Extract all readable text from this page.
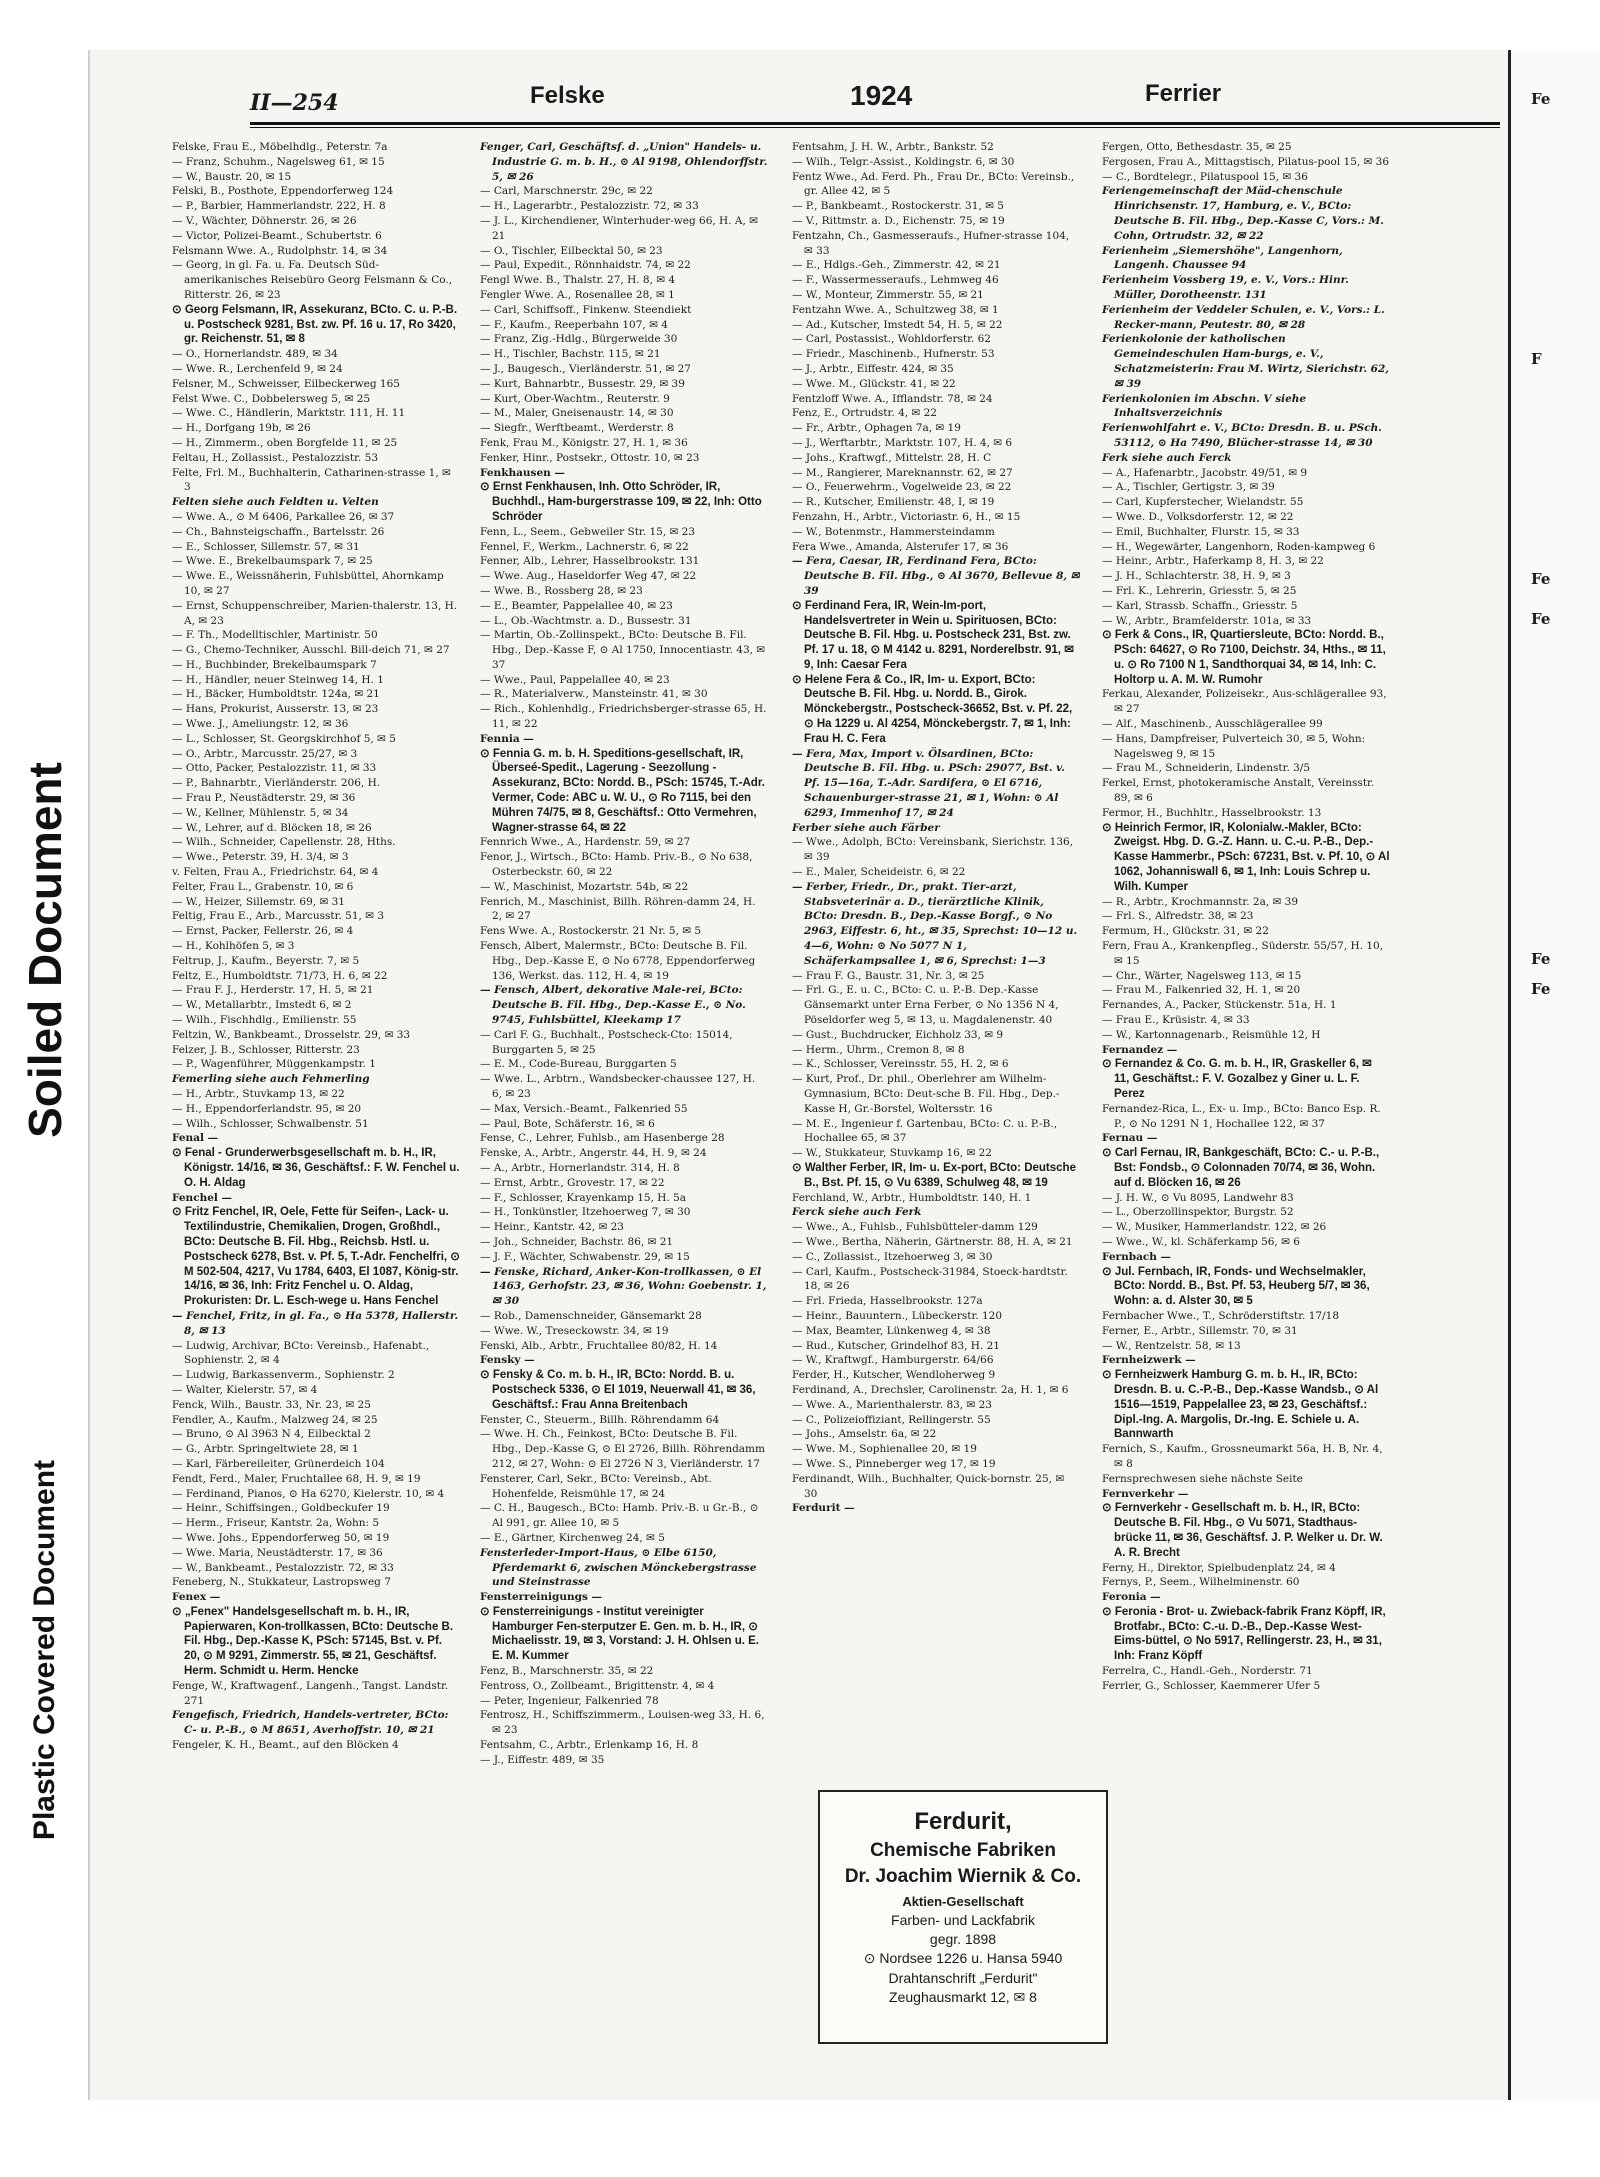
Soiled Document
Plastic Covered Document
II—254	Felske	1924	Ferrier

Felske, Frau E., Möbelhdlg., Peterstr. 7a

— Franz, Schuhm., Nagelsweg 61, ✉ 15

— W., Baustr. 20, ✉ 15

Felski, B., Posthote, Eppendorferweg 124

— P., Barbier, Hammerlandstr. 222, H. 8

— V., Wächter, Döhnerstr. 26, ✉ 26

— Victor, Polizei-Beamt., Schubertstr. 6

Felsmann Wwe. A., Rudolphstr. 14, ✉ 34

— Georg, in gl. Fa. u. Fa. Deutsch Süd-amerikanisches Reisebüro Georg Felsmann & Co., Ritterstr. 26, ✉ 23

⊙ Georg Felsmann, IR, Assekuranz, BCto. C. u. P.-B. u. Postscheck 9281, Bst. zw. Pf. 16 u. 17, Ro 3420, gr. Reichenstr. 51, ✉ 8

— O., Hornerlandstr. 489, ✉ 34

— Wwe. R., Lerchenfeld 9, ✉ 24

Felsner, M., Schweisser, Eilbeckerweg 165

Felst Wwe. C., Dobbelersweg 5, ✉ 25

— Wwe. C., Händlerin, Marktstr. 111, H. 11

— H., Dorfgang 19b, ✉ 26

— H., Zimmerm., oben Borgfelde 11, ✉ 25

Feltau, H., Zollassist., Pestalozzistr. 53

Felte, Frl. M., Buchhalterin, Catharinen-strasse 1, ✉ 3

Felten siehe auch Feldten u. Velten

— Wwe. A., ⊙ M 6406, Parkallee 26, ✉ 37

— Ch., Bahnsteigschaffn., Bartelsstr. 26

— E., Schlosser, Sillemstr. 57, ✉ 31

— Wwe. E., Brekelbaumspark 7, ✉ 25

— Wwe. E., Weissnäherin, Fuhlsbüttel, Ahornkamp 10, ✉ 27

— Ernst, Schuppenschreiber, Marien-thalerstr. 13, H. A, ✉ 23

— F. Th., Modelltischler, Martinistr. 50

— G., Chemo-Techniker, Ausschl. Bill-deich 71, ✉ 27

— H., Buchbinder, Brekelbaumspark 7

— H., Händler, neuer Steinweg 14, H. 1

— H., Bäcker, Humboldtstr. 124a, ✉ 21

— Hans, Prokurist, Ausserstr. 13, ✉ 23

— Wwe. J., Ameliungstr. 12, ✉ 36

— L., Schlosser, St. Georgskirchhof 5, ✉ 5

— O., Arbtr., Marcusstr. 25/27, ✉ 3

— Otto, Packer, Pestalozzistr. 11, ✉ 33

— P., Bahnarbtr., Vierländerstr. 206, H.

— Frau P., Neustädterstr. 29, ✉ 36

— W., Kellner, Mühlenstr. 5, ✉ 34

— W., Lehrer, auf d. Blöcken 18, ✉ 26

— Wilh., Schneider, Capellenstr. 28, Hths.

— Wwe., Peterstr. 39, H. 3/4, ✉ 3

v. Felten, Frau A., Friedrichstr. 64, ✉ 4

Felter, Frau L., Grabenstr. 10, ✉ 6

— W., Heizer, Sillemstr. 69, ✉ 31

Feltig, Frau E., Arb., Marcusstr. 51, ✉ 3

— Ernst, Packer, Fellerstr. 26, ✉ 4

— H., Kohlhöfen 5, ✉ 3

Feltrup, J., Kaufm., Beyerstr. 7, ✉ 5

Feltz, E., Humboldtstr. 71/73, H. 6, ✉ 22

— Frau F. J., Herderstr. 17, H. 5, ✉ 21

— W., Metallarbtr., Imstedt 6, ✉ 2

— Wilh., Fischhdlg., Emilienstr. 55

Feltzin, W., Bankbeamt., Drosselstr. 29, ✉ 33

Felzer, J. B., Schlosser, Ritterstr. 23

— P., Wagenführer, Müggenkampstr. 1

Femerling siehe auch Fehmerling

— H., Arbtr., Stuvkamp 13, ✉ 22

— H., Eppendorferlandstr. 95, ✉ 20

— Wilh., Schlosser, Schwalbenstr. 51

Fenal —

⊙ Fenal - Grunderwerbsgesellschaft m. b. H., IR, Königstr. 14/16, ✉ 36, Geschäftsf.: F. W. Fenchel u. O. H. Aldag

Fenchel —

⊙ Fritz Fenchel, IR, Oele, Fette für Seifen-, Lack- u. Textilindustrie, Chemikalien, Drogen, Großhdl., BCto: Deutsche B. Fil. Hbg., Reichsb. Hstl. u. Postscheck 6278, Bst. v. Pf. 5, T.-Adr. Fenchelfri, ⊙ M 502-504, 4217, Vu 1784, 6403, El 1087, König-str. 14/16, ✉ 36, Inh: Fritz Fenchel u. O. Aldag, Prokuristen: Dr. L. Esch-wege u. Hans Fenchel

— Fenchel, Fritz, in gl. Fa., ⊙ Ha 5378, Hallerstr. 8, ✉ 13

— Ludwig, Archivar, BCto: Vereinsb., Hafenabt., Sophienstr. 2, ✉ 4

— Ludwig, Barkassenverm., Sophienstr. 2

— Walter, Kielerstr. 57, ✉ 4

Fenck, Wilh., Baustr. 33, Nr. 23, ✉ 25

Fendler, A., Kaufm., Malzweg 24, ✉ 25

— Bruno, ⊙ Al 3963 N 4, Eilbecktal 2

— G., Arbtr. Springeltwiete 28, ✉ 1

— Karl, Färbereileiter, Grünerdeich 104

Fendt, Ferd., Maler, Fruchtallee 68, H. 9, ✉ 19

— Ferdinand, Pianos, ⊙ Ha 6270, Kielerstr. 10, ✉ 4

— Heinr., Schiffsingen., Goldbeckufer 19

— Herm., Friseur, Kantstr. 2a, Wohn: 5

— Wwe. Johs., Eppendorferweg 50, ✉ 19

— Wwe. Maria, Neustädterstr. 17, ✉ 36

— W., Bankbeamt., Pestalozzistr. 72, ✉ 33

Feneberg, N., Stukkateur, Lastropsweg 7

Fenex —

⊙ „Fenex" Handelsgesellschaft m. b. H., IR, Papierwaren, Kon-trollkassen, BCto: Deutsche B. Fil. Hbg., Dep.-Kasse K, PSch: 57145, Bst. v. Pf. 20, ⊙ M 9291, Zimmerstr. 55, ✉ 21, Geschäftsf. Herm. Schmidt u. Herm. Hencke

Fenge, W., Kraftwagenf., Langenh., Tangst. Landstr. 271

Fengefisch, Friedrich, Handels-vertreter, BCto: C- u. P.-B., ⊙ M 8651, Averhoffstr. 10, ✉ 21

Fengeler, K. H., Beamt., auf den Blöcken 4

Fenger, Carl, Geschäftsf. d. „Union" Handels- u. Industrie G. m. b. H., ⊙ Al 9198, Ohlendorffstr. 5, ✉ 26

— Carl, Marschnerstr. 29c, ✉ 22

— H., Lagerarbtr., Pestalozzistr. 72, ✉ 33

— J. L., Kirchendiener, Winterhuder-weg 66, H. A, ✉ 21

— O., Tischler, Eilbecktal 50, ✉ 23

— Paul, Expedit., Rönnhaidstr. 74, ✉ 22

Fengl Wwe. B., Thalstr. 27, H. 8, ✉ 4

Fengler Wwe. A., Rosenallee 28, ✉ 1

— Carl, Schiffsoff., Finkenw. Steendiekt

— F., Kaufm., Reeperbahn 107, ✉ 4

— Franz, Zig.-Hdlg., Bürgerweide 30

— H., Tischler, Bachstr. 115, ✉ 21

— J., Baugesch., Vierländerstr. 51, ✉ 27

— Kurt, Bahnarbtr., Bussestr. 29, ✉ 39

— Kurt, Ober-Wachtm., Reuterstr. 9

— M., Maler, Gneisenaustr. 14, ✉ 30

— Siegfr., Werftbeamt., Werderstr. 8

Fenk, Frau M., Königstr. 27, H. 1, ✉ 36

Fenker, Hinr., Postsekr., Ottostr. 10, ✉ 23

Fenkhausen —

⊙ Ernst Fenkhausen, Inh. Otto Schröder, IR, Buchhdl., Ham-burgerstrasse 109, ✉ 22, Inh: Otto Schröder

Fenn, L., Seem., Gebweiler Str. 15, ✉ 23

Fennel, F., Werkm., Lachnerstr. 6, ✉ 22

Fenner, Alb., Lehrer, Hasselbrookstr. 131

— Wwe. Aug., Haseldorfer Weg 47, ✉ 22

— Wwe. B., Rossberg 28, ✉ 23

— E., Beamter, Pappelallee 40, ✉ 23

— L., Ob.-Wachtmstr. a. D., Bussestr. 31

— Martin, Ob.-Zollinspekt., BCto: Deutsche B. Fil. Hbg., Dep.-Kasse F, ⊙ Al 1750, Innocentiastr. 43, ✉ 37

— Wwe., Paul, Pappelallee 40, ✉ 23

— R., Materialverw., Mansteinstr. 41, ✉ 30

— Rich., Kohlenhdlg., Friedrichsberger-strasse 65, H. 11, ✉ 22

Fennia —

⊙ Fennia G. m. b. H. Speditions-gesellschaft, IR, Überseé-Spedit., Lagerung - Seezollung - Assekuranz, BCto: Nordd. B., PSch: 15745, T.-Adr. Vermer, Code: ABC u. W. U., ⊙ Ro 7115, bei den Mühren 74/75, ✉ 8, Geschäftsf.: Otto Vermehren, Wagner-strasse 64, ✉ 22

Fennrich Wwe., A., Hardenstr. 59, ✉ 27

Fenor, J., Wirtsch., BCto: Hamb. Priv.-B., ⊙ No 638, Osterbeckstr. 60, ✉ 22

— W., Maschinist, Mozartstr. 54b, ✉ 22

Fenrich, M., Maschinist, Billh. Röhren-damm 24, H. 2, ✉ 27

Fens Wwe. A., Rostockerstr. 21 Nr. 5, ✉ 5

Fensch, Albert, Malermstr., BCto: Deutsche B. Fil. Hbg., Dep.-Kasse E, ⊙ No 6778, Eppendorferweg 136, Werkst. das. 112, H. 4, ✉ 19

— Fensch, Albert, dekorative Male-rei, BCto: Deutsche B. Fil. Hbg., Dep.-Kasse E., ⊙ No. 9745, Fuhlsbüttel, Kleekamp 17

— Carl F. G., Buchhalt., Postscheck-Cto: 15014, Burggarten 5, ✉ 25

— E. M., Code-Bureau, Burggarten 5

— Wwe. L., Arbtrn., Wandsbecker-chaussee 127, H. 6, ✉ 23

— Max, Versich.-Beamt., Falkenried 55

— Paul, Bote, Schäferstr. 16, ✉ 6

Fense, C., Lehrer, Fuhlsb., am Hasenberge 28

Fenske, A., Arbtr., Angerstr. 44, H. 9, ✉ 24

— A., Arbtr., Hornerlandstr. 314, H. 8

— Ernst, Arbtr., Grovestr. 17, ✉ 22

— F., Schlosser, Krayenkamp 15, H. 5a

— H., Tonkünstler, Itzehoerweg 7, ✉ 30

— Heinr., Kantstr. 42, ✉ 23

— Joh., Schneider, Bachstr. 86, ✉ 21

— J. F., Wächter, Schwabenstr. 29, ✉ 15

— Fenske, Richard, Anker-Kon-trollkassen, ⊙ El 1463, Gerhofstr. 23, ✉ 36, Wohn: Goebenstr. 1, ✉ 30

— Rob., Damenschneider, Gänsemarkt 28

— Wwe. W., Treseckowstr. 34, ✉ 19

Fenski, Alb., Arbtr., Fruchtallee 80/82, H. 14

Fensky —

⊙ Fensky & Co. m. b. H., IR, BCto: Nordd. B. u. Postscheck 5336, ⊙ El 1019, Neuerwall 41, ✉ 36, Geschäftsf.: Frau Anna Breitenbach

Fenster, C., Steuerm., Billh. Röhrendamm 64

— Wwe. H. Ch., Feinkost, BCto: Deutsche B. Fil. Hbg., Dep.-Kasse G, ⊙ El 2726, Billh. Röhrendamm 212, ✉ 27, Wohn: ⊙ El 2726 N 3, Vierländerstr. 17

Fensterer, Carl, Sekr., BCto: Vereinsb., Abt. Hohenfelde, Reismühle 17, ✉ 24

— C. H., Baugesch., BCto: Hamb. Priv.-B. u Gr.-B., ⊙ Al 991, gr. Allee 10, ✉ 5

— E., Gärtner, Kirchenweg 24, ✉ 5

Fensterleder-Import-Haus, ⊙ Elbe 6150, Pferdemarkt 6, zwischen Mönckebergstrasse und Steinstrasse

Fensterreinigungs —

⊙ Fensterreinigungs - Institut vereinigter Hamburger Fen-sterputzer E. Gen. m. b. H., IR, ⊙ Michaelisstr. 19, ✉ 3, Vorstand: J. H. Ohlsen u. E. E. M. Kummer

Fenz, B., Marschnerstr. 35, ✉ 22

Fentross, O., Zollbeamt., Brigittenstr. 4, ✉ 4

— Peter, Ingenieur, Falkenried 78

Fentrosz, H., Schiffszimmerm., Louisen-weg 33, H. 6, ✉ 23

Fentsahm, C., Arbtr., Erlenkamp 16, H. 8

— J., Eiffestr. 489, ✉ 35

Fentsahm, J. H. W., Arbtr., Bankstr. 52

— Wilh., Telgr.-Assist., Koldingstr. 6, ✉ 30

Fentz Wwe., Ad. Ferd. Ph., Frau Dr., BCto: Vereinsb., gr. Allee 42, ✉ 5

— P., Bankbeamt., Rostockerstr. 31, ✉ 5

— V., Rittmstr. a. D., Eichenstr. 75, ✉ 19

Fentzahn, Ch., Gasmesseraufs., Hufner-strasse 104, ✉ 33

— E., Hdlgs.-Geh., Zimmerstr. 42, ✉ 21

— F., Wassermesseraufs., Lehmweg 46

— W., Monteur, Zimmerstr. 55, ✉ 21

Fentzahn Wwe. A., Schultzweg 38, ✉ 1

— Ad., Kutscher, Imstedt 54, H. 5, ✉ 22

— Carl, Postassist., Wohldorferstr. 62

— Friedr., Maschinenb., Hufnerstr. 53

— J., Arbtr., Eiffestr. 424, ✉ 35

— Wwe. M., Glückstr. 41, ✉ 22

Fentzloff Wwe. A., Ifflandstr. 78, ✉ 24

Fenz, E., Ortrudstr. 4, ✉ 22

— Fr., Arbtr., Ophagen 7a, ✉ 19

— J., Werftarbtr., Marktstr. 107, H. 4, ✉ 6

— Johs., Kraftwgf., Mittelstr. 28, H. C

— M., Rangierer, Mareknannstr. 62, ✉ 27

— O., Feuerwehrm., Vogelweide 23, ✉ 22

— R., Kutscher, Emilienstr. 48, I, ✉ 19

Fenzahn, H., Arbtr., Victoriastr. 6, H., ✉ 15

— W., Botenmstr., Hammersteindamm

Fera Wwe., Amanda, Alsterufer 17, ✉ 36

— Fera, Caesar, IR, Ferdinand Fera, BCto: Deutsche B. Fil. Hbg., ⊙ Al 3670, Bellevue 8, ✉ 39

⊙ Ferdinand Fera, IR, Wein-Im-port, Handelsvertreter in Wein u. Spirituosen, BCto: Deutsche B. Fil. Hbg. u. Postscheck 231, Bst. zw. Pf. 17 u. 18, ⊙ M 4142 u. 8291, Norderelbstr. 91, ✉ 9, Inh: Caesar Fera

⊙ Helene Fera & Co., IR, Im- u. Export, BCto: Deutsche B. Fil. Hbg. u. Nordd. B., Girok. Mönckebergstr., Postscheck-36652, Bst. v. Pf. 22, ⊙ Ha 1229 u. Al 4254, Mönckebergstr. 7, ✉ 1, Inh: Frau H. C. Fera

— Fera, Max, Import v. Ölsardinen, BCto: Deutsche B. Fil. Hbg. u. PSch: 29077, Bst. v. Pf. 15—16a, T.-Adr. Sardifera, ⊙ El 6716, Schauenburger-strasse 21, ✉ 1, Wohn: ⊙ Al 6293, Immenhof 17, ✉ 24

Ferber siehe auch Färber

— Wwe., Adolph, BCto: Vereinsbank, Sierichstr. 136, ✉ 39

— E., Maler, Scheideistr. 6, ✉ 22

— Ferber, Friedr., Dr., prakt. Tier-arzt, Stabsveterinär a. D., tierärztliche Klinik, BCto: Dresdn. B., Dep.-Kasse Borgf., ⊙ No 2963, Eiffestr. 6, ht., ✉ 35, Sprechst: 10—12 u. 4—6, Wohn: ⊙ No 5077 N 1, Schäferkampsallee 1, ✉ 6, Sprechst: 1—3

— Frau F. G., Baustr. 31, Nr. 3, ✉ 25

— Frl. G., E. u. C., BCto: C. u. P.-B. Dep.-Kasse Gänsemarkt unter Erna Ferber, ⊙ No 1356 N 4, Pöseldorfer weg 5, ✉ 13, u. Magdalenenstr. 40

— Gust., Buchdrucker, Eichholz 33, ✉ 9

— Herm., Uhrm., Cremon 8, ✉ 8

— K., Schlosser, Vereinsstr. 55, H. 2, ✉ 6

— Kurt, Prof., Dr. phil., Oberlehrer am Wilhelm-Gymnasium, BCto: Deut-sche B. Fil. Hbg., Dep.-Kasse H, Gr.-Borstel, Woltersstr. 16

— M. E., Ingenieur f. Gartenbau, BCto: C. u. P.-B., Hochallee 65, ✉ 37

— W., Stukkateur, Stuvkamp 16, ✉ 22

⊙ Walther Ferber, IR, Im- u. Ex-port, BCto: Deutsche B., Bst. Pf. 15, ⊙ Vu 6389, Schulweg 48, ✉ 19

Ferchland, W., Arbtr., Humboldtstr. 140, H. 1

Ferck siehe auch Ferk

— Wwe., A., Fuhlsb., Fuhlsbütteler-damm 129

— Wwe., Bertha, Näherin, Gärtnerstr. 88, H. A, ✉ 21

— C., Zollassist., Itzehoerweg 3, ✉ 30

— Carl, Kaufm., Postscheck-31984, Stoeck-hardtstr. 18, ✉ 26

— Frl. Frieda, Hasselbrookstr. 127a

— Heinr., Bauuntern., Lübeckerstr. 120

— Max, Beamter, Lünkenweg 4, ✉ 38

— Rud., Kutscher, Grindelhof 83, H. 21

— W., Kraftwgf., Hamburgerstr. 64/66

Ferder, H., Kutscher, Wendloherweg 9

Ferdinand, A., Drechsler, Carolinenstr. 2a, H. 1, ✉ 6

— Wwe. A., Marienthalerstr. 83, ✉ 23

— C., Polizeioffiziant, Rellingerstr. 55

— Johs., Amselstr. 6a, ✉ 22

— Wwe. M., Sophienallee 20, ✉ 19

— Wwe. S., Pinneberger weg 17, ✉ 19

Ferdinandt, Wilh., Buchhalter, Quick-bornstr. 25, ✉ 30

Ferdurit —

Fergen, Otto, Bethesdastr. 35, ✉ 25

Fergosen, Frau A., Mittagstisch, Pilatus-pool 15, ✉ 36

— C., Bordtelegr., Pilatuspool 15, ✉ 36

Feriengemeinschaft der Mäd-chenschule Hinrichsenstr. 17, Hamburg, e. V., BCto: Deutsche B. Fil. Hbg., Dep.-Kasse C, Vors.: M. Cohn, Ortrudstr. 32, ✉ 22

Ferienheim „Siemershöhe", Langenhorn, Langenh. Chaussee 94

Ferienheim Vossberg 19, e. V., Vors.: Hinr. Müller, Dorotheenstr. 131

Ferienheim der Veddeler Schulen, e. V., Vors.: L. Recker-mann, Peutestr. 80, ✉ 28

Ferienkolonie der katholischen Gemeindeschulen Ham-burgs, e. V., Schatzmeisterin: Frau M. Wirtz, Sierichstr. 62, ✉ 39

Ferienkolonien im Abschn. V siehe Inhaltsverzeichnis

Ferienwohlfahrt e. V., BCto: Dresdn. B. u. PSch. 53112, ⊙ Ha 7490, Blücher-strasse 14, ✉ 30

Ferk siehe auch Ferck

— A., Hafenarbtr., Jacobstr. 49/51, ✉ 9

— A., Tischler, Gertigstr. 3, ✉ 39

— Carl, Kupferstecher, Wielandstr. 55

— Wwe. D., Volksdorferstr. 12, ✉ 22

— Emil, Buchhalter, Flurstr. 15, ✉ 33

— H., Wegewärter, Langenhorn, Roden-kampweg 6

— Heinr., Arbtr., Haferkamp 8, H. 3, ✉ 22

— J. H., Schlachterstr. 38, H. 9, ✉ 3

— Frl. K., Lehrerin, Griesstr. 5, ✉ 25

— Karl, Strassb. Schaffn., Griesstr. 5

— W., Arbtr., Bramfelderstr. 101a, ✉ 33

⊙ Ferk & Cons., IR, Quartiersleute, BCto: Nordd. B., PSch: 64627, ⊙ Ro 7100, Deichstr. 34, Hths., ✉ 11, u. ⊙ Ro 7100 N 1, Sandthorquai 34, ✉ 14, Inh: C. Holtorp u. A. M. W. Rumohr

Ferkau, Alexander, Polizeisekr., Aus-schlägerallee 93, ✉ 27

— Alf., Maschinenb., Ausschlägerallee 99

— Hans, Dampfreiser, Pulverteich 30, ✉ 5, Wohn: Nagelsweg 9, ✉ 15

— Frau M., Schneiderin, Lindenstr. 3/5

Ferkel, Ernst, photokeramische Anstalt, Vereinsstr. 89, ✉ 6

Fermor, H., Buchhltr., Hasselbrookstr. 13

⊙ Heinrich Fermor, IR, Kolonialw.-Makler, BCto: Zweigst. Hbg. D. G.-Z. Hann. u. C.-u. P.-B., Dep.-Kasse Hammerbr., PSch: 67231, Bst. v. Pf. 10, ⊙ Al 1062, Johanniswall 6, ✉ 1, Inh: Louis Schrep u. Wilh. Kumper

— R., Arbtr., Krochmannstr. 2a, ✉ 39

— Frl. S., Alfredstr. 38, ✉ 23

Fermum, H., Glückstr. 31, ✉ 22

Fern, Frau A., Krankenpfleg., Süderstr. 55/57, H. 10, ✉ 15

— Chr., Wärter, Nagelsweg 113, ✉ 15

— Frau M., Falkenried 32, H. 1, ✉ 20

Fernandes, A., Packer, Stückenstr. 51a, H. 1

— Frau E., Krüsistr. 4, ✉ 33

— W., Kartonnagenarb., Reismühle 12, H

Fernandez —

⊙ Fernandez & Co. G. m. b. H., IR, Graskeller 6, ✉ 11, Geschäftst.: F. V. Gozalbez y Giner u. L. F. Perez

Fernandez-Rica, L., Ex- u. Imp., BCto: Banco Esp. R. P., ⊙ No 1291 N 1, Hochallee 122, ✉ 37

Fernau —

⊙ Carl Fernau, IR, Bankgeschäft, BCto: C.- u. P.-B., Bst: Fondsb., ⊙ Colonnaden 70/74, ✉ 36, Wohn. auf d. Blöcken 16, ✉ 26

— J. H. W., ⊙ Vu 8095, Landwehr 83

— L., Oberzollinspektor, Burgstr. 52

— W., Musiker, Hammerlandstr. 122, ✉ 26

— Wwe., W., kl. Schäferkamp 56, ✉ 6

Fernbach —

⊙ Jul. Fernbach, IR, Fonds- und Wechselmakler, BCto: Nordd. B., Bst. Pf. 53, Heuberg 5/7, ✉ 36, Wohn: a. d. Alster 30, ✉ 5

Fernbacher Wwe., T., Schröderstiftstr. 17/18

Ferner, E., Arbtr., Sillemstr. 70, ✉ 31

— W., Rentzelstr. 58, ✉ 13

Fernheizwerk —

⊙ Fernheizwerk Hamburg G. m. b. H., IR, BCto: Dresdn. B. u. C.-P.-B., Dep.-Kasse Wandsb., ⊙ Al 1516—1519, Pappelallee 23, ✉ 23, Geschäftsf.: Dipl.-Ing. A. Margolis, Dr.-Ing. E. Schiele u. A. Bannwarth

Fernich, S., Kaufm., Grossneumarkt 56a, H. B, Nr. 4, ✉ 8

Fernsprechwesen siehe nächste Seite

Fernverkehr —

⊙ Fernverkehr - Gesellschaft m. b. H., IR, BCto: Deutsche B. Fil. Hbg., ⊙ Vu 5071, Stadthaus-brücke 11, ✉ 36, Geschäftsf. J. P. Welker u. Dr. W. A. R. Brecht

Ferny, H., Direktor, Spielbudenplatz 24, ✉ 4

Fernys, P., Seem., Wilhelminenstr. 60

Feronia —

⊙ Feronia - Brot- u. Zwieback-fabrik Franz Köpff, IR, Brotfabr., BCto: C.-u. D.-B., Dep.-Kasse West-Eims-büttel, ⊙ No 5917, Rellingerstr. 23, H., ✉ 31, Inh: Franz Köpff

Ferrelra, C., Handl.-Geh., Norderstr. 71

Ferrler, G., Schlosser, Kaemmerer Ufer 5

Ferdurit,
Chemische Fabriken
Dr. Joachim Wiernik & Co.
Aktien-Gesellschaft
Farben- und Lackfabrik
gegr. 1898
⊙ Nordsee 1226 u. Hansa 5940
Drahtanschrift „Ferdurit"
Zeughausmarkt 12, ✉ 8
Fe
F
Fe
Fe
Fe
Fe
